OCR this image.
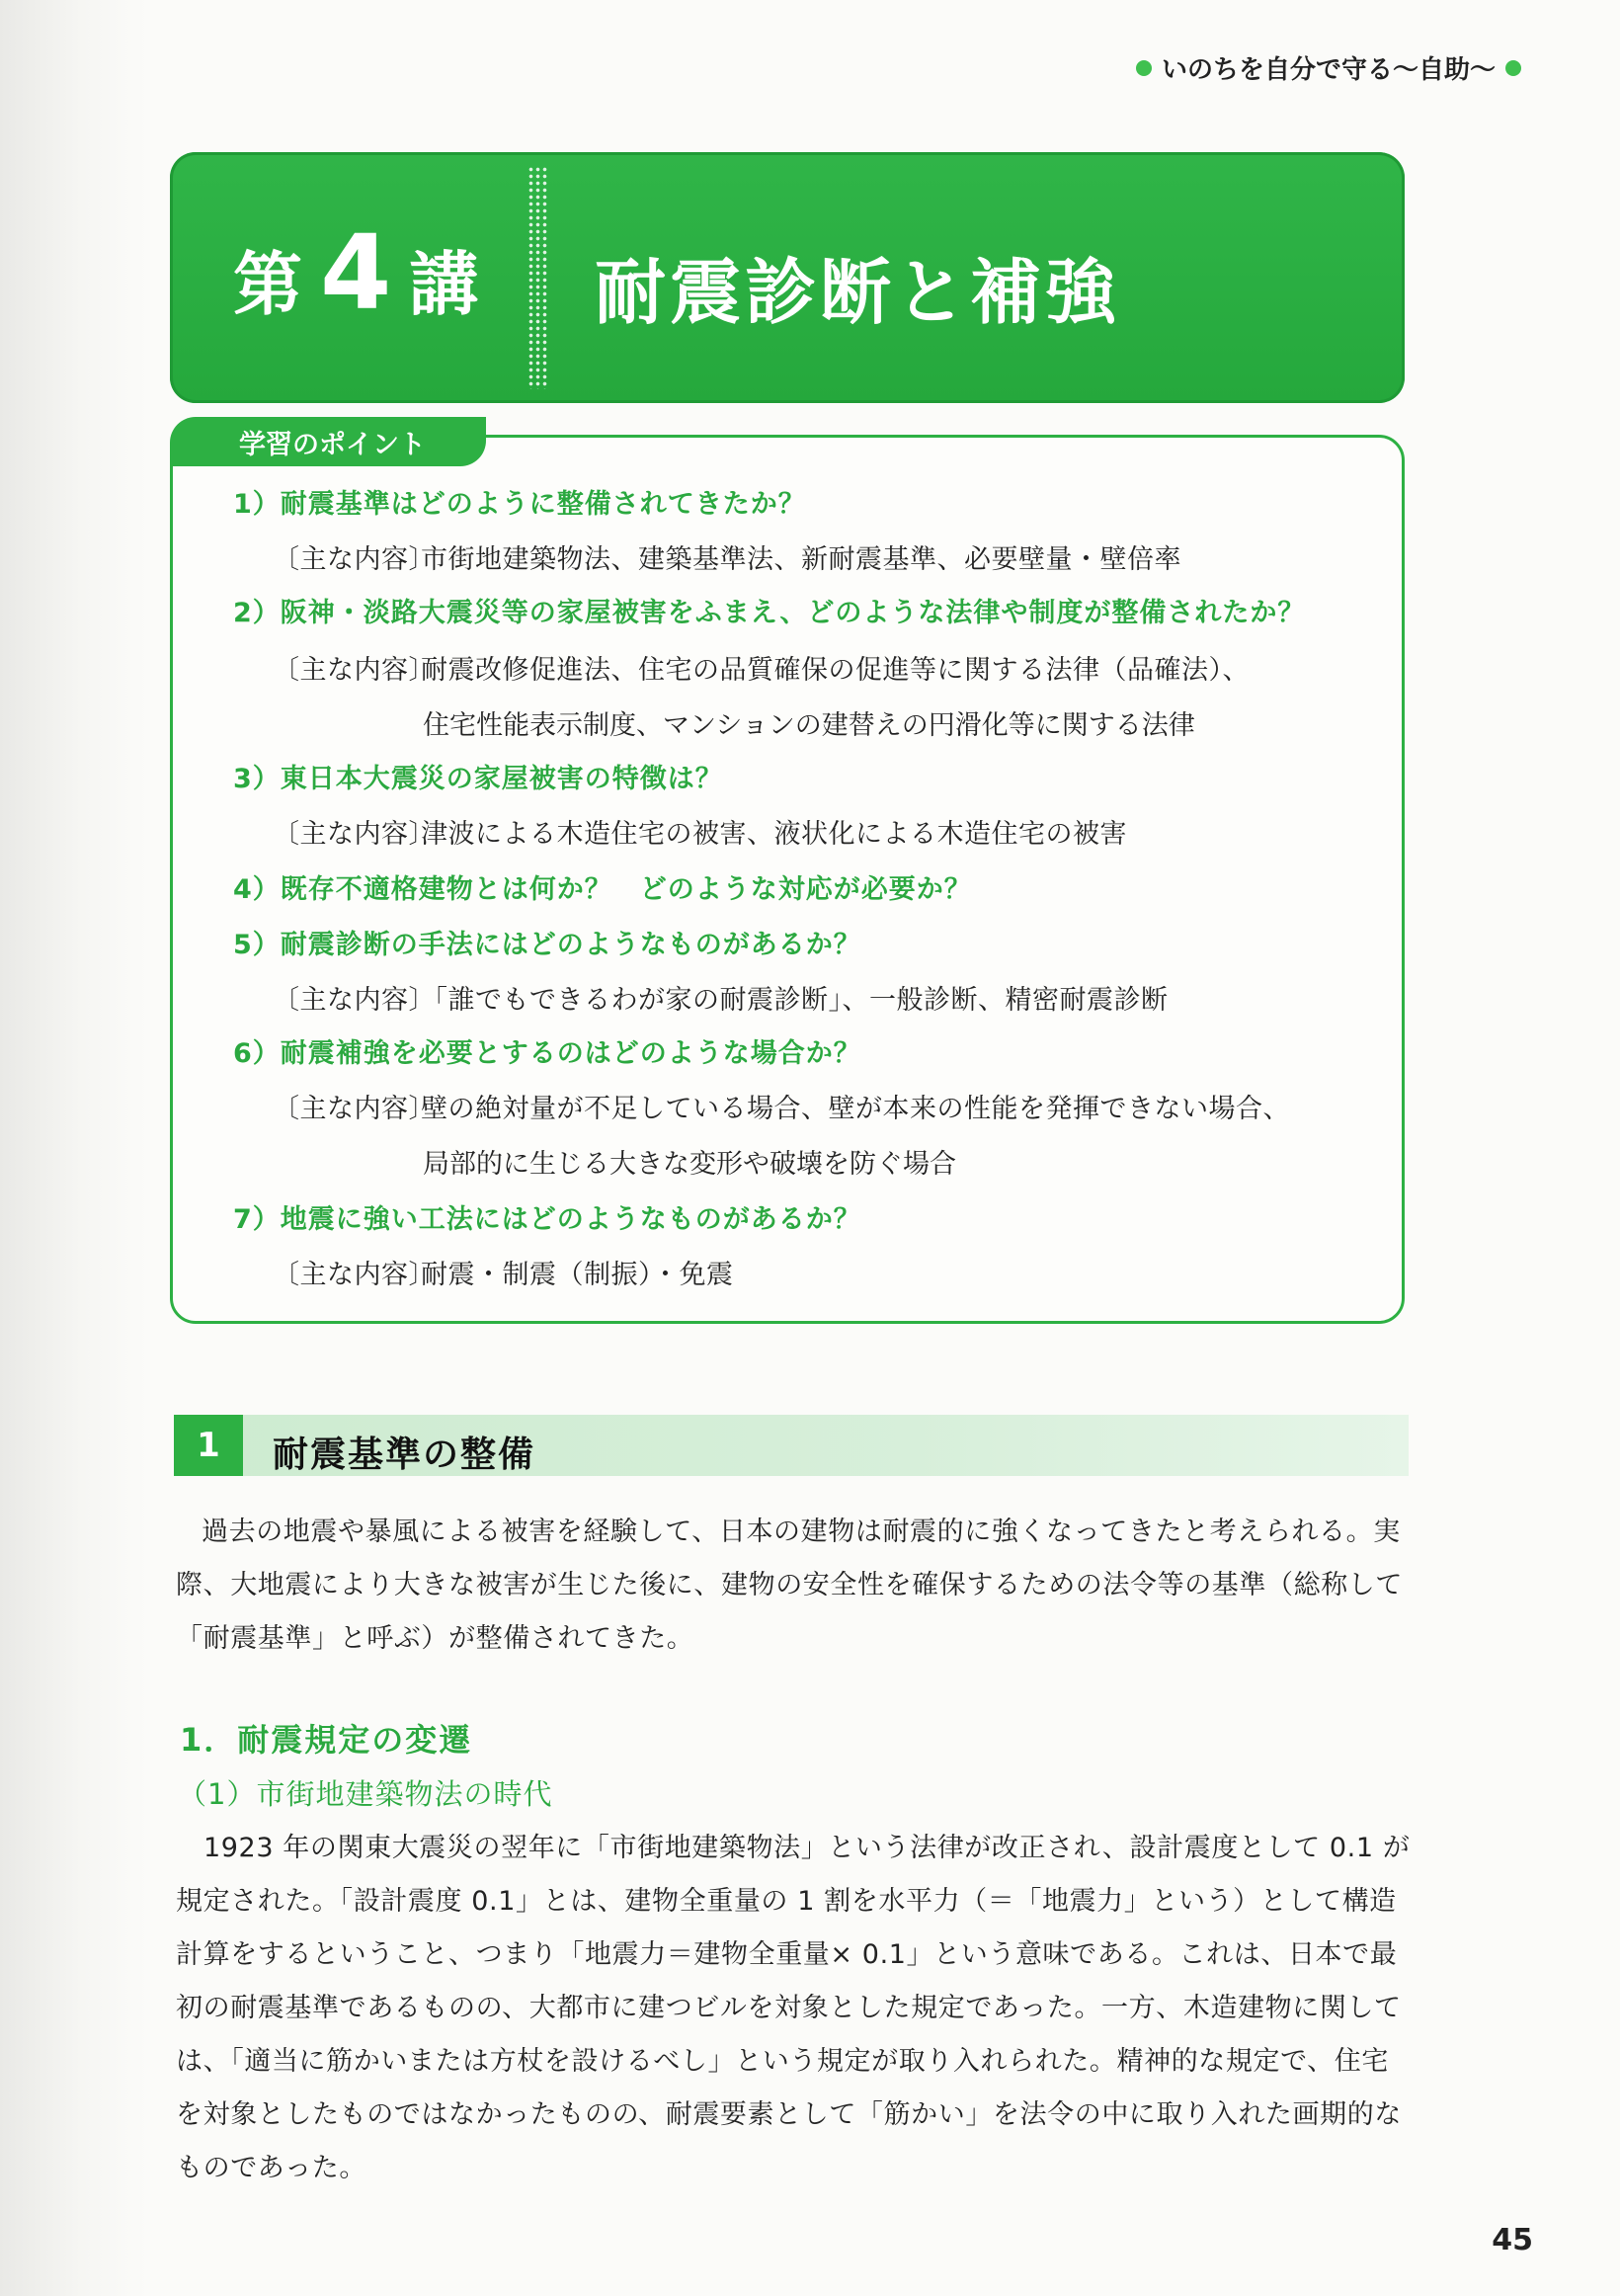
いのちを自分で守る〜自助〜
第 4 講 耐震診断と補強
学習のポイント
1）耐震基準はどのように整備されてきたか？
〔主な内容〕市街地建築物法、建築基準法、新耐震基準、必要壁量・壁倍率
2）阪神・淡路大震災等の家屋被害をふまえ、どのような法律や制度が整備されたか？
〔主な内容〕耐震改修促進法、住宅の品質確保の促進等に関する法律（品確法）、
住宅性能表示制度、マンションの建替えの円滑化等に関する法律
3）東日本大震災の家屋被害の特徴は？
〔主な内容〕津波による木造住宅の被害、液状化による木造住宅の被害
4）既存不適格建物とは何か？　どのような対応が必要か？
5）耐震診断の手法にはどのようなものがあるか？
〔主な内容〕「誰でもできるわが家の耐震診断」、一般診断、精密耐震診断
6）耐震補強を必要とするのはどのような場合か？
〔主な内容〕壁の絶対量が不足している場合、壁が本来の性能を発揮できない場合、
局部的に生じる大きな変形や破壊を防ぐ場合
7）地震に強い工法にはどのようなものがあるか？
〔主な内容〕耐震・制震（制振）・免震
1	耐震基準の整備
過去の地震や暴風による被害を経験して、日本の建物は耐震的に強くなってきたと考えられる。実
際、大地震により大きな被害が生じた後に、建物の安全性を確保するための法令等の基準（総称して
「耐震基準」と呼ぶ）が整備されてきた。
1．耐震規定の変遷
（1）市街地建築物法の時代
1923 年の関東大震災の翌年に「市街地建築物法」という法律が改正され、設計震度として 0.1 が
規定された。「設計震度 0.1」とは、建物全重量の 1 割を水平力（＝「地震力」という）として構造
計算をするということ、つまり「地震力＝建物全重量× 0.1」という意味である。これは、日本で最
初の耐震基準であるものの、大都市に建つビルを対象とした規定であった。一方、木造建物に関して
は、「適当に筋かいまたは方杖を設けるべし」という規定が取り入れられた。精神的な規定で、住宅
を対象としたものではなかったものの、耐震要素として「筋かい」を法令の中に取り入れた画期的な
ものであった。
45
